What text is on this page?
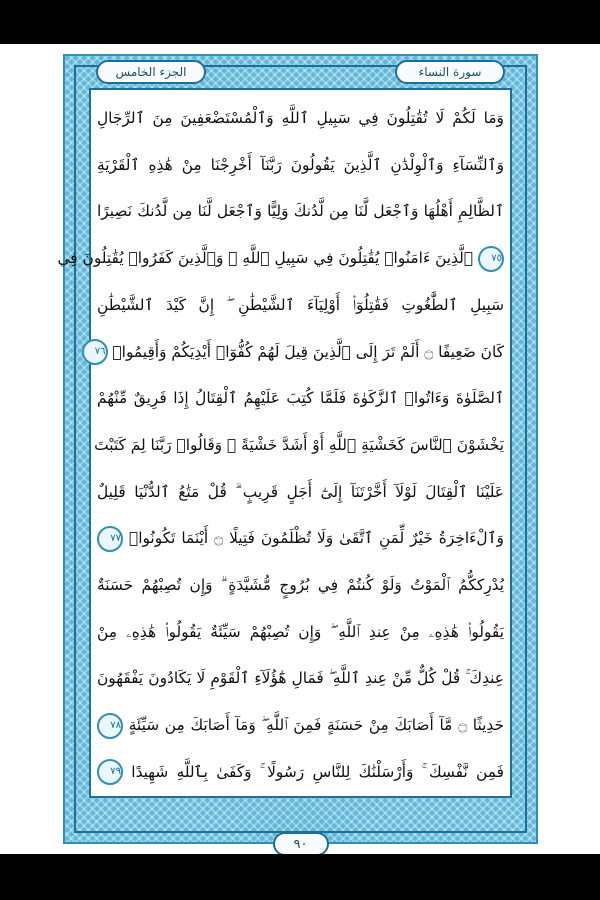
الجزء الخامس	سورة النساء
وَمَا لَكُمْ لَا تُقَٰتِلُونَ فِي سَبِيلِ ٱللَّهِ وَٱلْمُسْتَضْعَفِينَ مِنَ ٱلرِّجَالِ
وَٱلنِّسَآءِ وَٱلْوِلْدَٰنِ ٱلَّذِينَ يَقُولُونَ رَبَّنَآ أَخْرِجْنَا مِنْ هَٰذِهِ ٱلْقَرْيَةِ
ٱلظَّالِمِ أَهْلُهَا وَٱجْعَل لَّنَا مِن لَّدُنكَ وَلِيًّا وَٱجْعَل لَّنَا مِن لَّدُنكَ نَصِيرًا
٧٥ ٱلَّذِينَ ءَامَنُوا۟ يُقَٰتِلُونَ فِي سَبِيلِ ٱللَّهِ ۖ وَٱلَّذِينَ كَفَرُوا۟ يُقَٰتِلُونَ فِي
سَبِيلِ ٱلطَّٰغُوتِ فَقَٰتِلُوٓا۟ أَوْلِيَآءَ ٱلشَّيْطَٰنِ ۖ إِنَّ كَيْدَ ٱلشَّيْطَٰنِ
كَانَ ضَعِيفًا ۝ أَلَمْ تَرَ إِلَى ٱلَّذِينَ قِيلَ لَهُمْ كُفُّوٓا۟ أَيْدِيَكُمْ وَأَقِيمُوا۟ ٧٦
ٱلصَّلَوٰةَ وَءَاتُوا۟ ٱلزَّكَوٰةَ فَلَمَّا كُتِبَ عَلَيْهِمُ ٱلْقِتَالُ إِذَا فَرِيقٌ مِّنْهُمْ
يَخْشَوْنَ ٱلنَّاسَ كَخَشْيَةِ ٱللَّهِ أَوْ أَشَدَّ خَشْيَةً ۚ وَقَالُوا۟ رَبَّنَا لِمَ كَتَبْتَ
عَلَيْنَا ٱلْقِتَالَ لَوْلَآ أَخَّرْتَنَآ إِلَىٰٓ أَجَلٍ قَرِيبٍ ۗ قُلْ مَتَٰعُ ٱلدُّنْيَا قَلِيلٌ
وَٱلْءَاخِرَةُ خَيْرٌ لِّمَنِ ٱتَّقَىٰ وَلَا تُظْلَمُونَ فَتِيلًا ۝ أَيْنَمَا تَكُونُوا۟ ٧٧
يُدْرِككُّمُ ٱلْمَوْتُ وَلَوْ كُنتُمْ فِي بُرُوجٍ مُّشَيَّدَةٍ ۗ وَإِن تُصِبْهُمْ حَسَنَةٌ
يَقُولُوا۟ هَٰذِهِۦ مِنْ عِندِ ٱللَّهِ ۖ وَإِن تُصِبْهُمْ سَيِّئَةٌ يَقُولُوا۟ هَٰذِهِۦ مِنْ
عِندِكَ ۚ قُلْ كُلٌّ مِّنْ عِندِ ٱللَّهِ ۖ فَمَالِ هَٰٓؤُلَآءِ ٱلْقَوْمِ لَا يَكَادُونَ يَفْقَهُونَ
حَدِيثًا ۝ مَّآ أَصَابَكَ مِنْ حَسَنَةٍ فَمِنَ ٱللَّهِ ۖ وَمَآ أَصَابَكَ مِن سَيِّئَةٍ ٧٨
فَمِن نَّفْسِكَ ۚ وَأَرْسَلْنَٰكَ لِلنَّاسِ رَسُولًا ۚ وَكَفَىٰ بِٱللَّهِ شَهِيدًا ٧٩
٩٠
